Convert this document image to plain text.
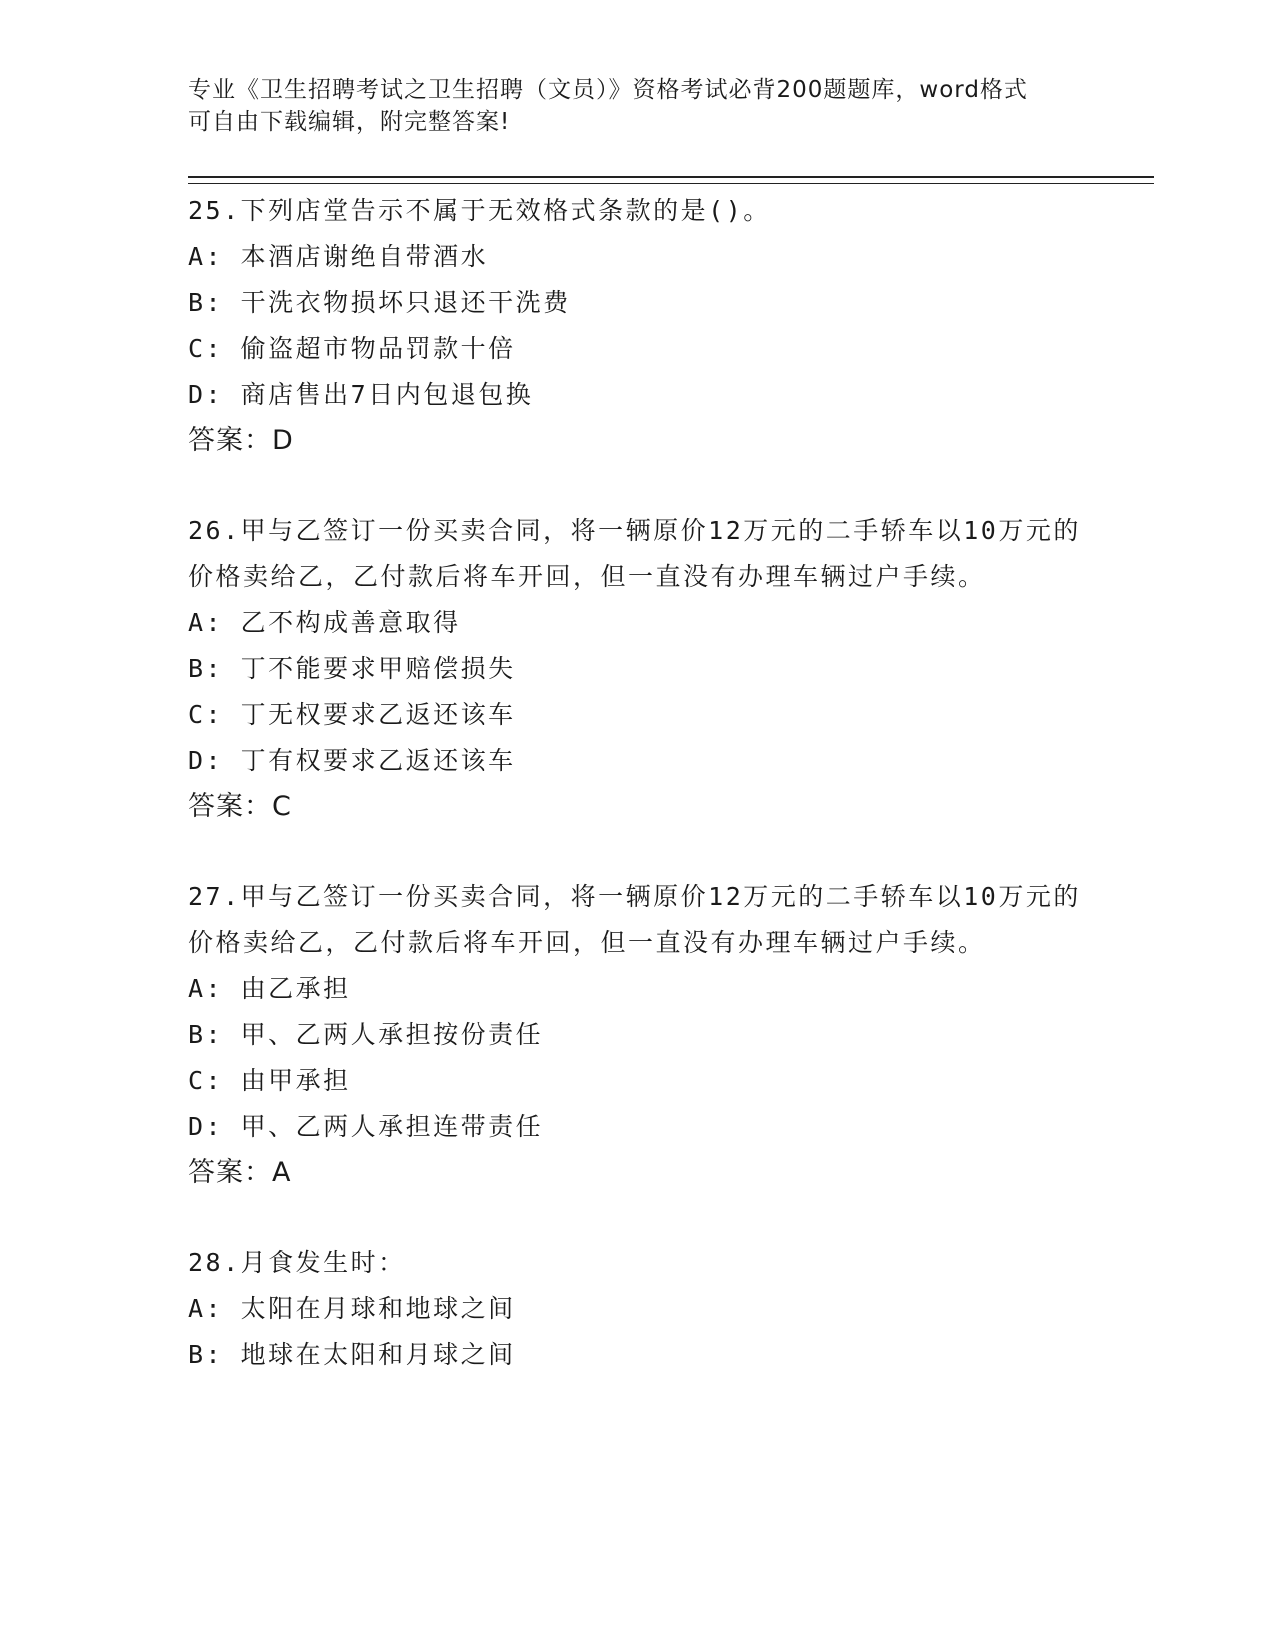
专业《卫生招聘考试之卫生招聘（文员）》资格考试必背200题题库，word格式
可自由下载编辑，附完整答案!
25.下列店堂告示不属于无效格式条款的是()。
A: 本酒店谢绝自带酒水
B: 干洗衣物损坏只退还干洗费
C: 偷盗超市物品罚款十倍
D: 商店售出7日内包退包换
答案：D
26.甲与乙签订一份买卖合同，将一辆原价12万元的二手轿车以10万元的价格卖给乙，乙付款后将车开回，但一直没有办理车辆过户手续。
A: 乙不构成善意取得
B: 丁不能要求甲赔偿损失
C: 丁无权要求乙返还该车
D: 丁有权要求乙返还该车
答案：C
27.甲与乙签订一份买卖合同，将一辆原价12万元的二手轿车以10万元的价格卖给乙，乙付款后将车开回，但一直没有办理车辆过户手续。
A: 由乙承担
B: 甲、乙两人承担按份责任
C: 由甲承担
D: 甲、乙两人承担连带责任
答案：A
28.月食发生时：
A: 太阳在月球和地球之间
B: 地球在太阳和月球之间
